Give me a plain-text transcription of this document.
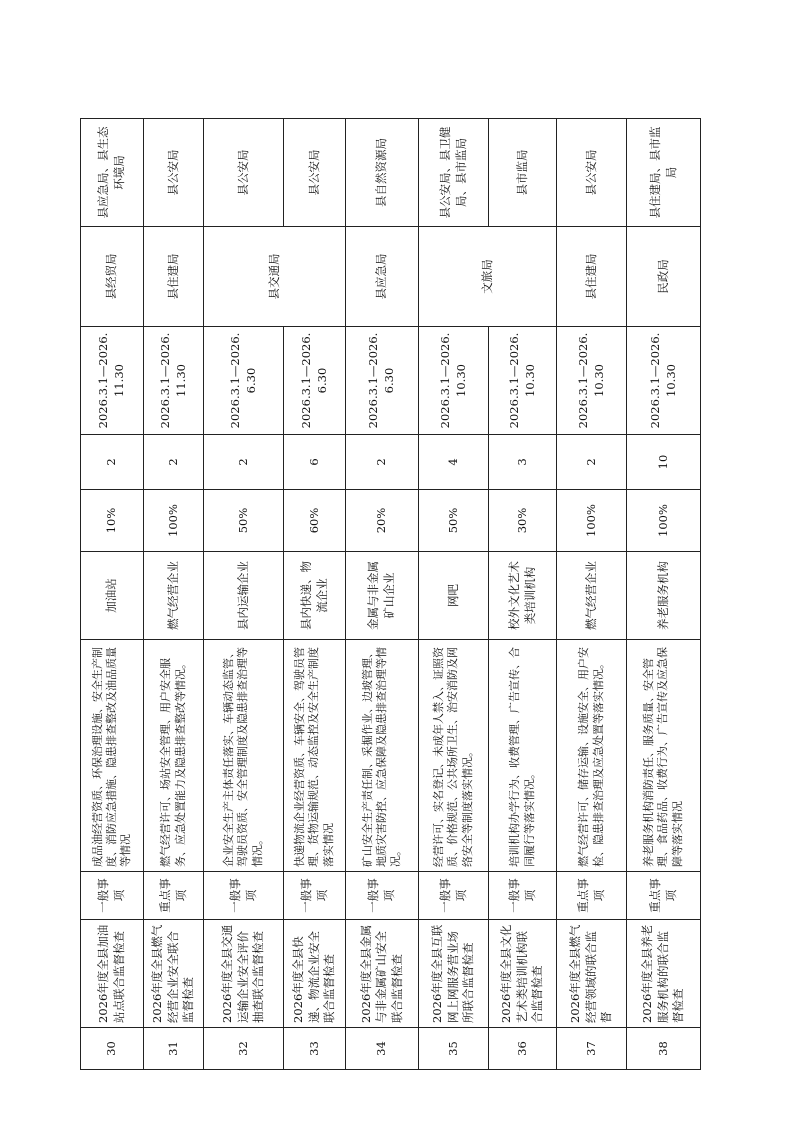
30	2026年度全县加油站点联合监督检查	一般事项	成品油经营资质、环保治理设施、安全生产制度、消防应急措施、隐患排查整改及油品质量等情况	加油站	10%	2	2026.3.1—2026.11.30	县经贸局	县应急局、县生态环境局
31	2026年度全县燃气经营企业安全联合监督检查	重点事项	燃气经营许可、场站安全管理、用户安全服务、应急处置能力及隐患排查整改等情况。	燃气经营企业	100%	2	2026.3.1—2026.11.30	县住建局	县公安局
32	2026年度全县交通运输企业安全评价抽查联合监督检查	一般事项	企业安全生产主体责任落实、车辆动态监管、驾驶员资质、安全管理制度及隐患排查治理等情况。	县内运输企业	50%	2	2026.3.1—2026.6.30	县交通局	县公安局
33	2026年度全县快递、物流企业安全联合监督检查	一般事项	快递物流企业经营资质、车辆安全、驾驶员管理、货物运输规范、动态监控及安全生产制度落实情况	县内快递、物流企业	60%	6	2026.3.1—2026.6.30		县公安局
34	2026年度全县金属与非金属矿山安全联合监督检查	一般事项	矿山安全生产责任制、采掘作业、边坡管理、地质灾害防控、应急保障及隐患排查治理等情况。	金属与非金属矿山企业	20%	2	2026.3.1—2026.6.30	县应急局	县自然资源局
35	2026年度全县互联网上网服务营业场所联合监督检查	一般事项	经营许可、实名登记、未成年人禁入、证照资质、价格规范、公共场所卫生、治安消防及网络安全等制度落实情况。	网吧	50%	4	2026.3.1—2026.10.30	文旅局	县公安局、县卫健局、县市监局
36	2026年度全县文化艺术类培训机构联合监督检查	一般事项	培训机构办学行为、收费管理、广告宣传、合同履行等落实情况。	校外文化艺术类培训机构	30%	3	2026.3.1—2026.10.30		县市监局
37	2026年度全县燃气经营领域的联合监督	重点事项	燃气经营许可、储存运输、设施安全、用户安检、隐患排查治理及应急处置等落实情况。	燃气经营企业	100%	2	2026.3.1—2026.10.30	县住建局	县公安局
38	2026年度全县养老服务机构的联合监督检查	重点事项	养老服务机构消防责任、服务质量、安全管理、食品药品、收费行为、广告宣传及应急保障等落实情况	养老服务机构	100%	10	2026.3.1—2026.10.30	民政局	县住建局、县市监局
